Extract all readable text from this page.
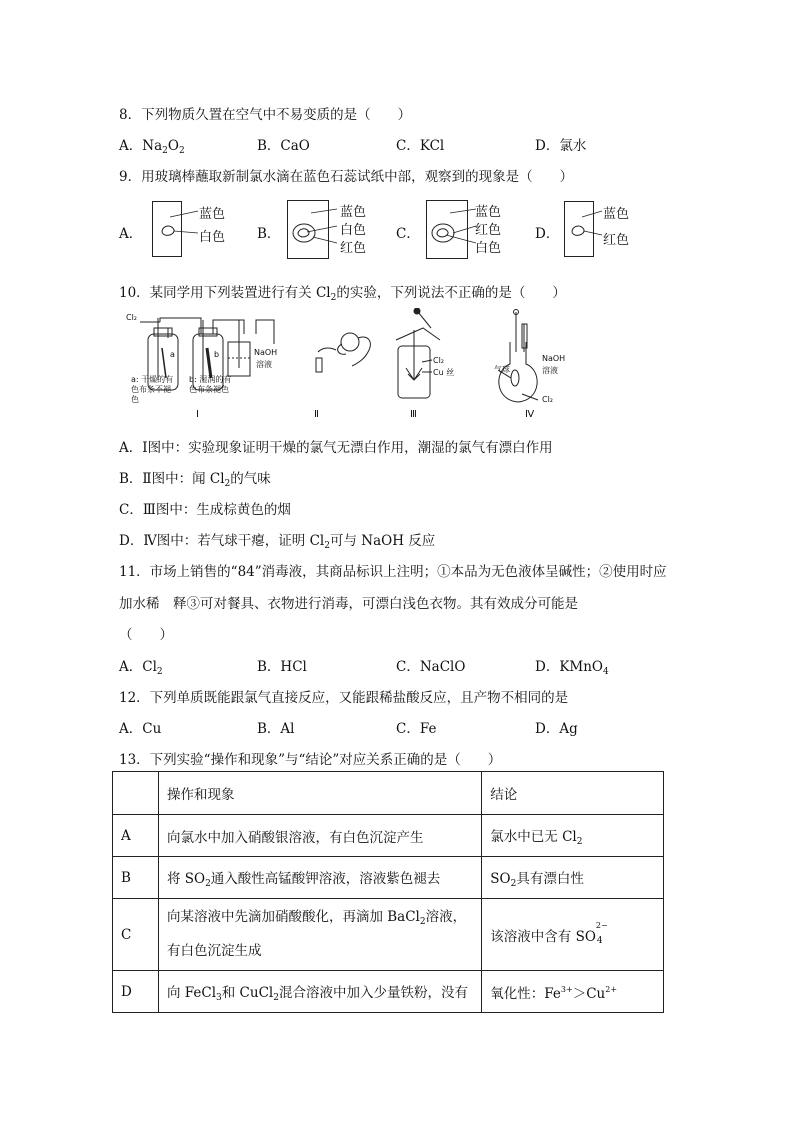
8．下列物质久置在空气中不易变质的是（　　）
A．$Na_2O_2$	B．CaO	C．KCl	D．氯水
9．用玻璃棒蘸取新制氯水滴在蓝色石蕊试纸中部，观察到的现象是（　　）
A．
蓝色
白色 B．
蓝色
白色
红色
C．
蓝色
红色
白色
D．
蓝色
红色
10．某同学用下列装置进行有关 $Cl_2$的实验，下列说法不正确的是（　　）
Cl₂
a	b	NaOH
溶液
a: 干燥的有
色布条不褪
色
b: 湿润的有
色布条褪色
Cl₂
Cu 丝
NaOH
溶液
气球
Cl₂
Ⅰ	Ⅱ	Ⅲ	Ⅳ
A．Ⅰ图中：实验现象证明干燥的氯气无漂白作用，潮湿的氯气有漂白作用
B．Ⅱ图中：闻 $Cl_2$的气味
C．Ⅲ图中：生成棕黄色的烟
D．Ⅳ图中：若气球干瘪，证明 $Cl_2$可与 NaOH 反应
11．市场上销售的“84”消毒液，其商品标识上注明；①本品为无色液体呈碱性；②使用时应
加水稀　释③可对餐具、衣物进行消毒，可漂白浅色衣物。其有效成分可能是
（　　）
A．$Cl_2$	B．HCl	C．NaClO	D．KMnO$_4$
12．下列单质既能跟氯气直接反应，又能跟稀盐酸反应，且产物不相同的是
A．Cu	B．Al	C．Fe	D．Ag
13．下列实验“操作和现象”与“结论”对应关系正确的是（　　）
	操作和现象	结论
A	向氯水中加入硝酸银溶液，有白色沉淀产生	氯水中已无 $Cl_2$
B	将 $SO_2$通入酸性高锰酸钾溶液，溶液紫色褪去	$SO_2$具有漂白性
C	向某溶液中先滴加硝酸酸化，再滴加 BaCl$_2$溶液，
有白色沉淀生成	该溶液中含有 SO
2−
4

D	向 FeCl$_3$和 CuCl$_2$混合溶液中加入少量铁粉，没有	氧化性：$Fe^{3+}>Cu^{2+}$
